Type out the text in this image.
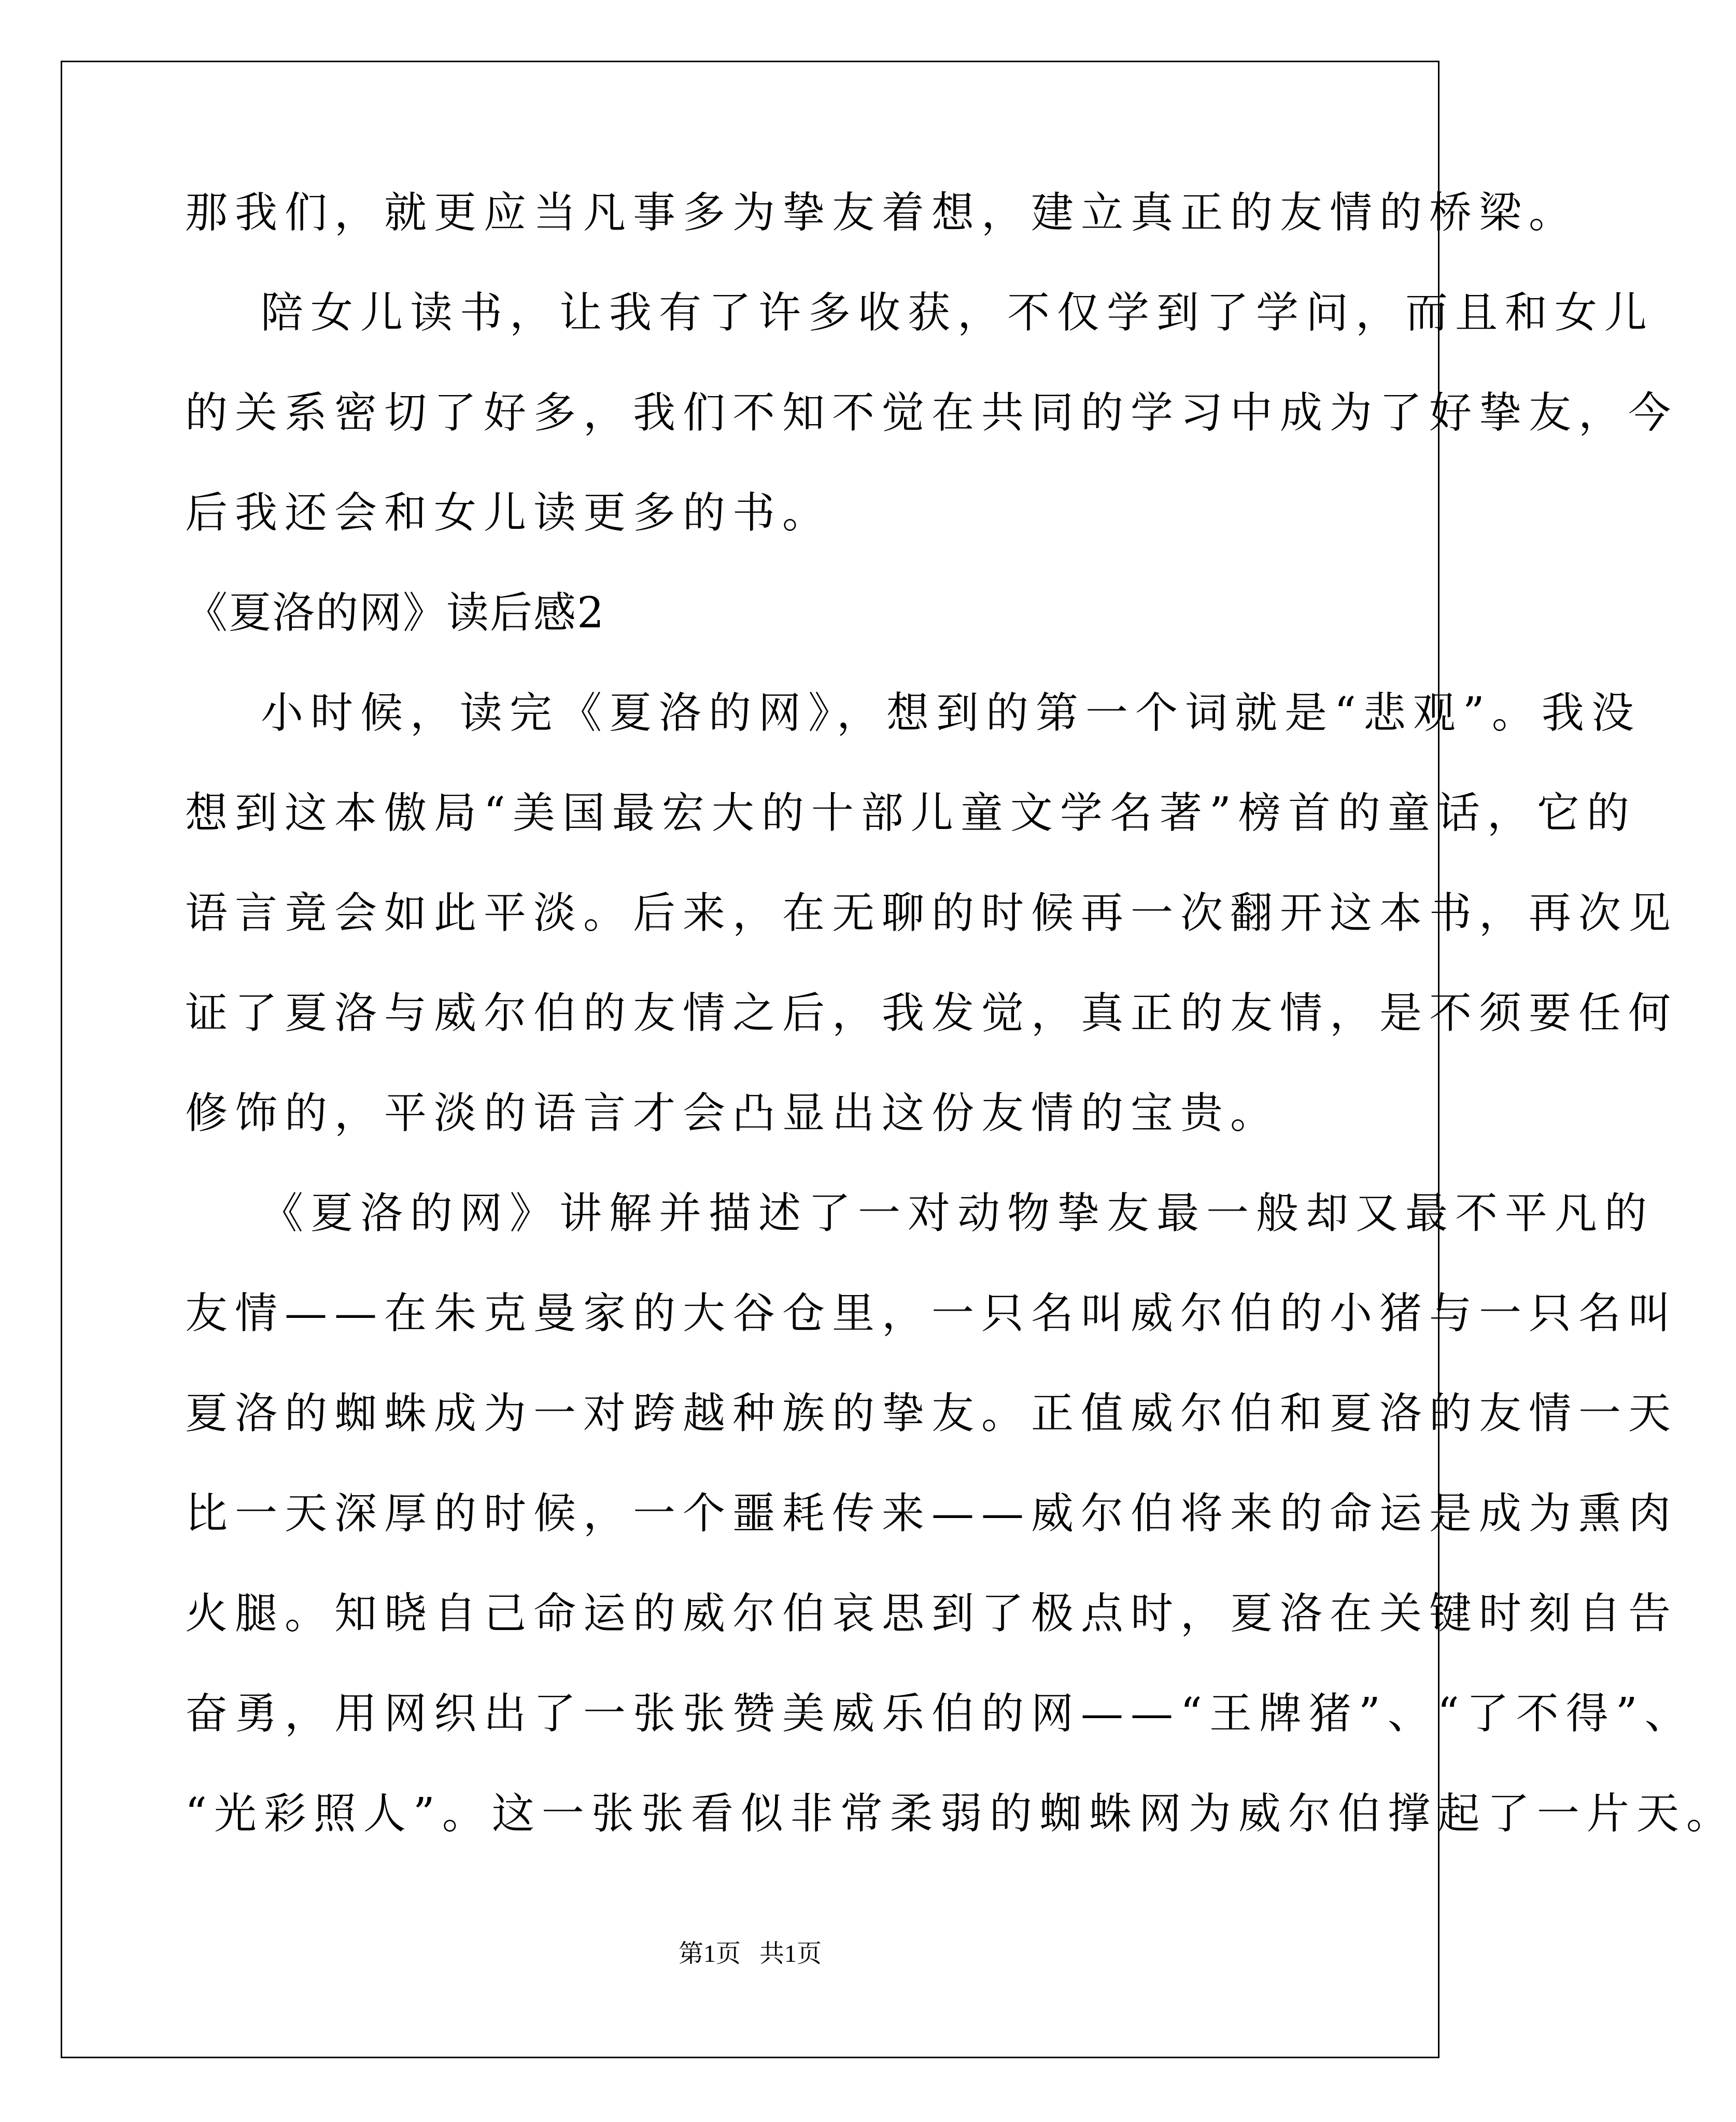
那我们，就更应当凡事多为挚友着想，建立真正的友情的桥梁。
陪女儿读书，让我有了许多收获，不仅学到了学问，而且和女儿
的关系密切了好多，我们不知不觉在共同的学习中成为了好挚友，今
后我还会和女儿读更多的书。
《夏洛的网》读后感2
小时候，读完《夏洛的网》，想到的第一个词就是“悲观”。我没
想到这本傲局“美国最宏大的十部儿童文学名著”榜首的童话，它的
语言竟会如此平淡。后来，在无聊的时候再一次翻开这本书，再次见
证了夏洛与威尔伯的友情之后，我发觉，真正的友情，是不须要任何
修饰的，平淡的语言才会凸显出这份友情的宝贵。
《夏洛的网》讲解并描述了一对动物挚友最一般却又最不平凡的
友情——在朱克曼家的大谷仓里，一只名叫威尔伯的小猪与一只名叫
夏洛的蜘蛛成为一对跨越种族的挚友。正值威尔伯和夏洛的友情一天
比一天深厚的时候，一个噩耗传来——威尔伯将来的命运是成为熏肉
火腿。知晓自己命运的威尔伯哀思到了极点时，夏洛在关键时刻自告
奋勇，用网织出了一张张赞美威乐伯的网——“王牌猪”、“了不得”、
“光彩照人”。这一张张看似非常柔弱的蜘蛛网为威尔伯撑起了一片天。
第1页   共1页
